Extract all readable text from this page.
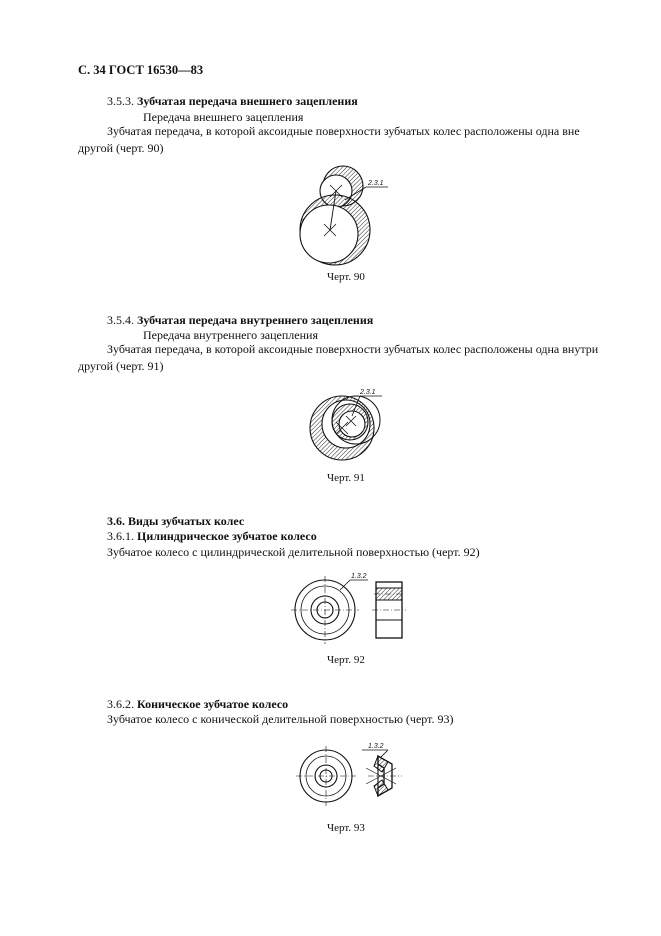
С. 34 ГОСТ 16530—83
3.5.3. Зубчатая передача внешнего зацепления
Передача внешнего зацепления
Зубчатая передача, в которой аксоидные поверхности зубчатых колес расположены одна вне
другой (черт. 90)
2.3.1
Черт. 90
3.5.4. Зубчатая передача внутреннего зацепления
Передача внутреннего зацепления
Зубчатая передача, в которой аксоидные поверхности зубчатых колес расположены одна внутри
другой (черт. 91)
2.3.1
Черт. 91
3.6. Виды зубчатых колес
3.6.1. Цилиндрическое зубчатое колесо
Зубчатое колесо с цилиндрической делительной поверхностью (черт. 92)
1.3.2
Черт. 92
3.6.2. Коническое зубчатое колесо
Зубчатое колесо с конической делительной поверхностью (черт. 93)
1.3.2
Черт. 93
